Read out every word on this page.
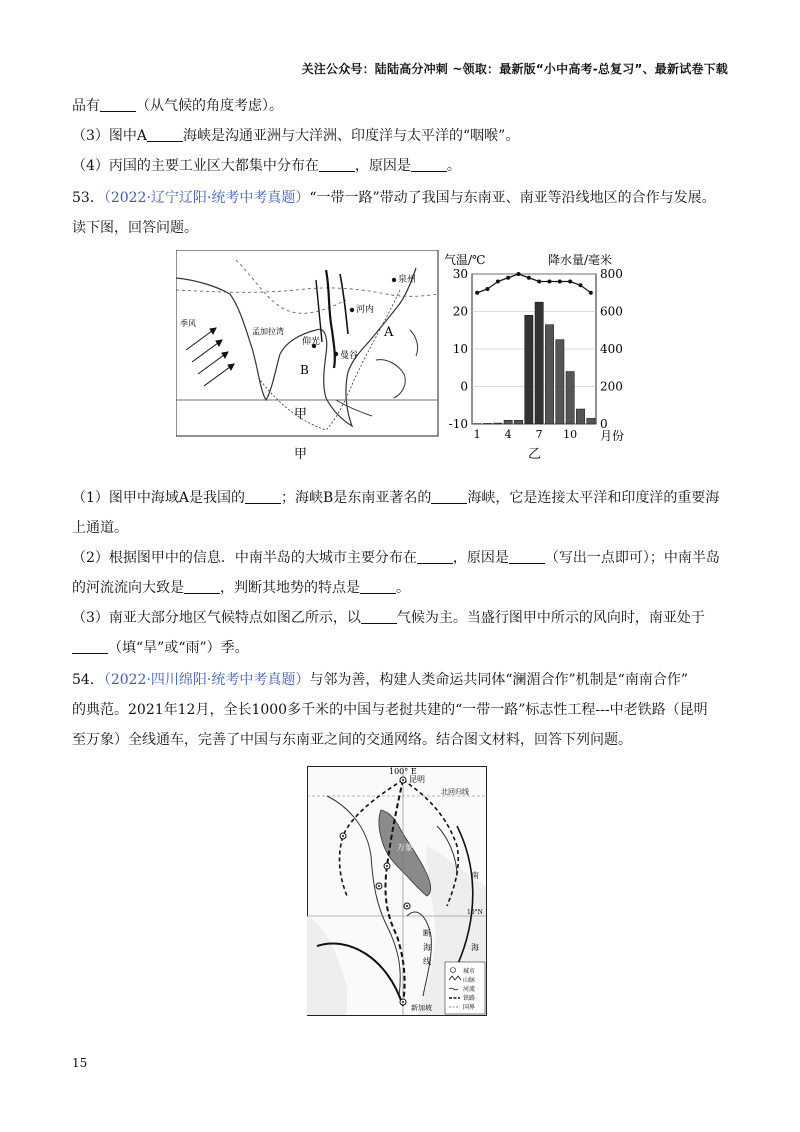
关注公众号：陆陆高分冲刺 ~领取：最新版“小中高考-总复习”、最新试卷下载
品有	（从气候的角度考虑）。
（3）图中A	海峡是沟通亚洲与大洋洲、印度洋与太平洋的“咽喉”。
（4）丙国的主要工业区大都集中分布在	，原因是	。
53．（2022·辽宁辽阳·统考中考真题）“一带一路”带动了我国与东南亚、南亚等沿线地区的合作与发展。
读下图，回答问题。
（1）图甲中海域A是我国的	；海峡B是东南亚著名的	海峡，它是连接太平洋和印度洋的重要海
上通道。
（2）根据图甲中的信息．中南半岛的大城市主要分布在	，原因是	（写出一点即可）；中南半岛
的河流流向大致是	，判断其地势的特点是	。
（3）南亚大部分地区气候特点如图乙所示，以	气候为主。当盛行图甲中所示的风向时，南亚处于
（填“旱”或“雨”）季。
54．（2022·四川绵阳·统考中考真题）与邻为善，构建人类命运共同体“澜湄合作”机制是“南南合作”
的典范。2021年12月，全长1000多千米的中国与老挝共建的“一带一路”标志性工程---中老铁路（昆明
至万象）全线通车，完善了中国与东南亚之间的交通网络。结合图文材料，回答下列问题。
泉州
A
B
仰光
曼谷
河内
季风
孟加拉湾
甲
甲
气温/℃	降水量/毫米
30
20
10
0
-10
800
600
400
200
0
1 4 7 10 月份
乙
100° E
昆明
北回归线
万象
南
海
断
海
线
10°N
新加坡
城市
山脉
河流
铁路
国界
15
